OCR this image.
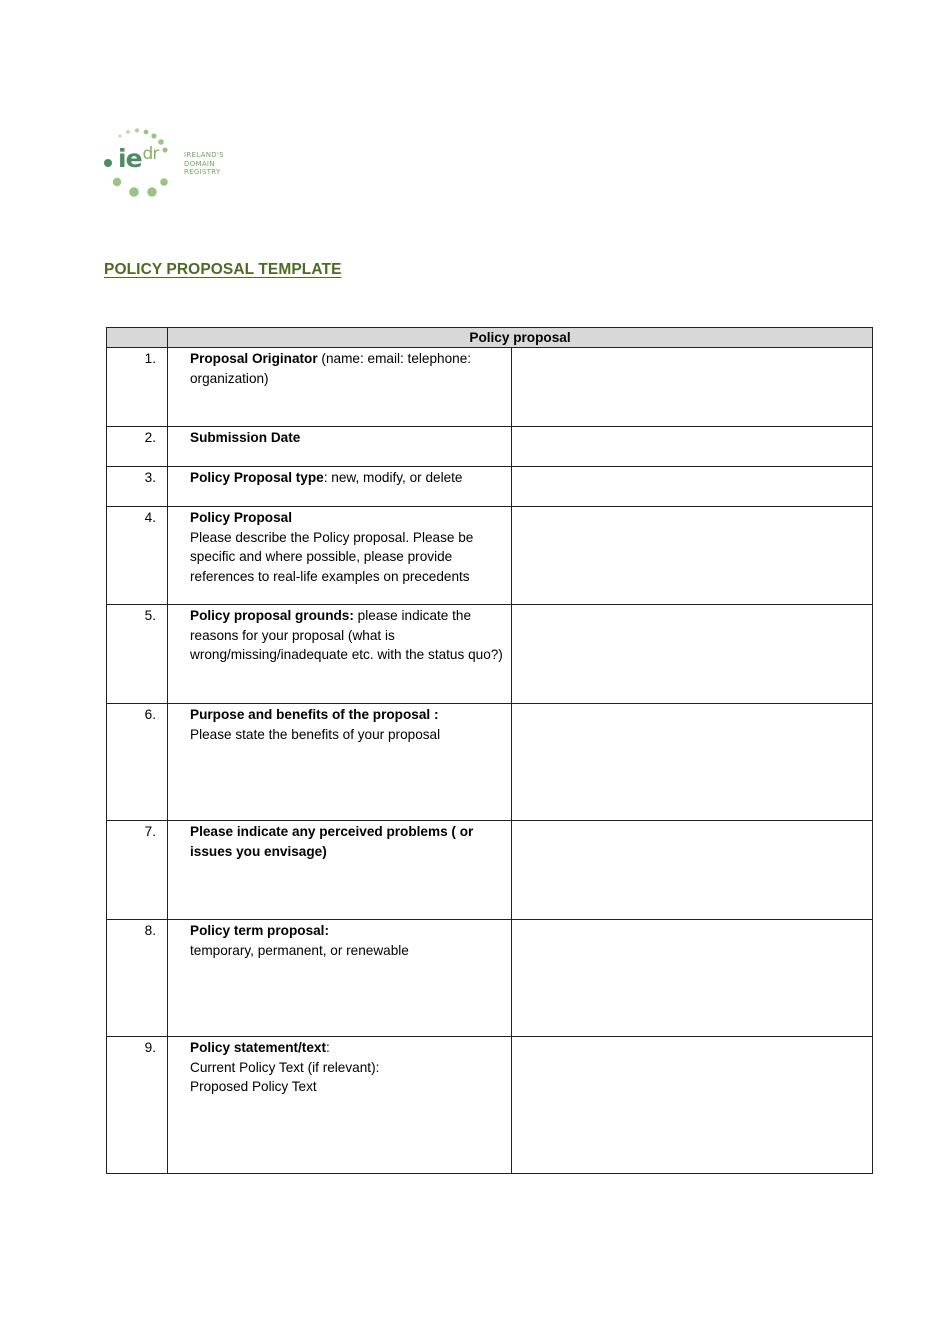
$ie^{dr}$	IRELAND'S
DOMAIN
REGISTRY
POLICY PROPOSAL TEMPLATE
	Policy proposal	
1.	Proposal Originator (name: email: telephone: organization)	
2.	Submission Date	
3.	Policy Proposal type: new, modify, or delete	
4.	Policy Proposal
Please describe the Policy proposal. Please be specific and where possible, please provide references to real-life examples on precedents	

5.	Policy proposal grounds: please indicate the reasons for your proposal (what is wrong/missing/inadequate etc. with the status quo?)	
6.	Purpose and benefits of the proposal :
Please state the benefits of your proposal	

7.	Please indicate any perceived problems ( or issues you envisage)	
8.	Policy term proposal:
temporary, permanent, or renewable	

9.	Policy statement/text:
Current Policy Text (if relevant):
Proposed Policy Text	
